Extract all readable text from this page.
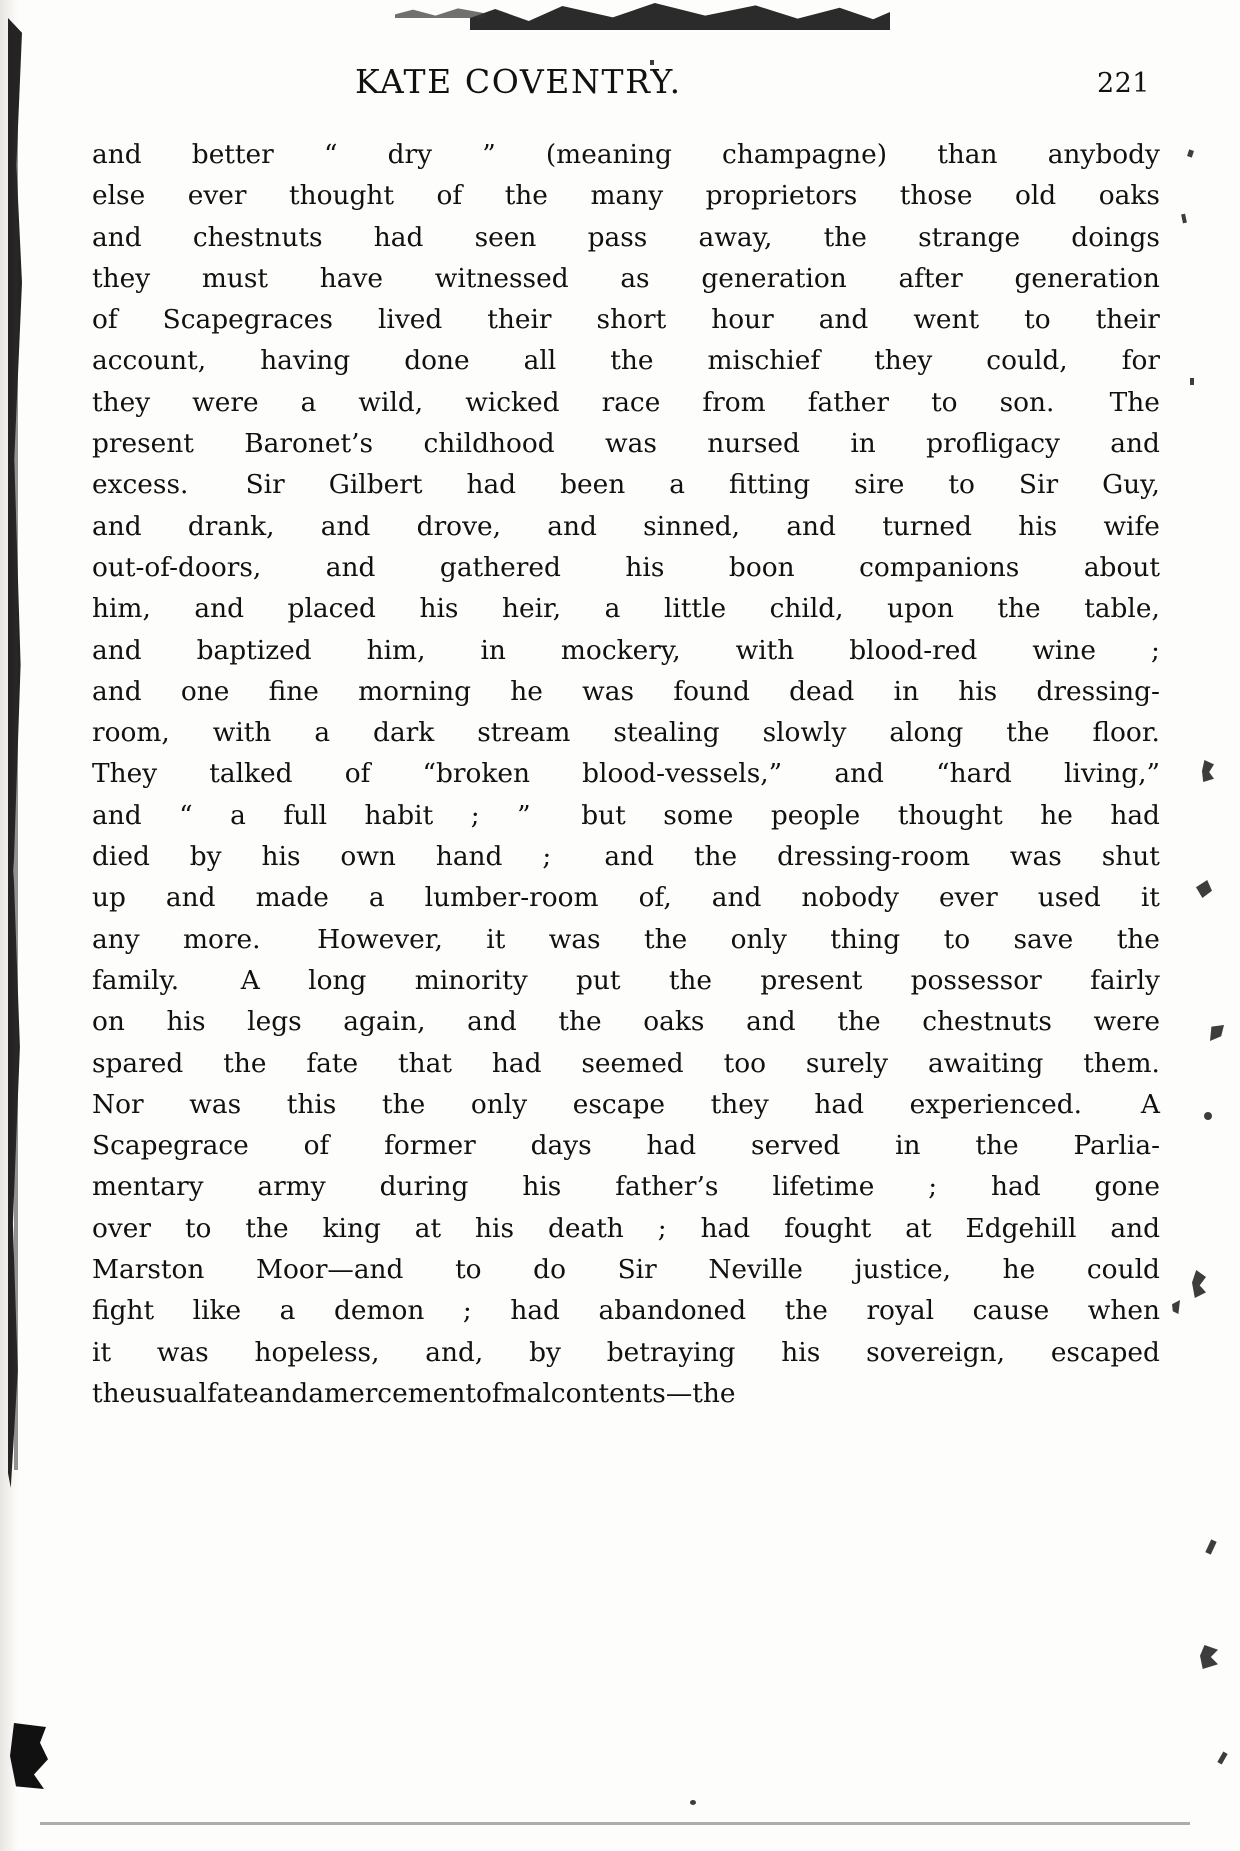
KATE COVENTRY.	221

and better “ dry ” (meaning champagne) than anybody
else ever thought of the many proprietors those old oaks
and chestnuts had seen pass away, the strange doings
they must have witnessed as generation after generation
of Scapegraces lived their short hour and went to their
account, having done all the mischief they could, for
they were a wild, wicked race from father to son. The
present Baronet’s childhood was nursed in profligacy and
excess. Sir Gilbert had been a fitting sire to Sir Guy,
and drank, and drove, and sinned, and turned his wife
out-of-doors, and gathered his boon companions about
him, and placed his heir, a little child, upon the table,
and baptized him, in mockery, with blood-red wine ;
and one fine morning he was found dead in his dressing-
room, with a dark stream stealing slowly along the floor.
They talked of “broken blood-vessels,” and “hard living,”
and “ a full habit ; ” but some people thought he had
died by his own hand ; and the dressing-room was shut
up and made a lumber-room of, and nobody ever used it
any more. However, it was the only thing to save the
family. A long minority put the present possessor fairly
on his legs again, and the oaks and the chestnuts were
spared the fate that had seemed too surely awaiting them.
Nor was this the only escape they had experienced. A
Scapegrace of former days had served in the Parlia-
mentary army during his father’s lifetime ; had gone
over to the king at his death ; had fought at Edgehill and
Marston Moor—and to do Sir Neville justice, he could
fight like a demon ; had abandoned the royal cause when
it was hopeless, and, by betraying his sovereign, escaped
the usual fate and amercement of malcontents — the
